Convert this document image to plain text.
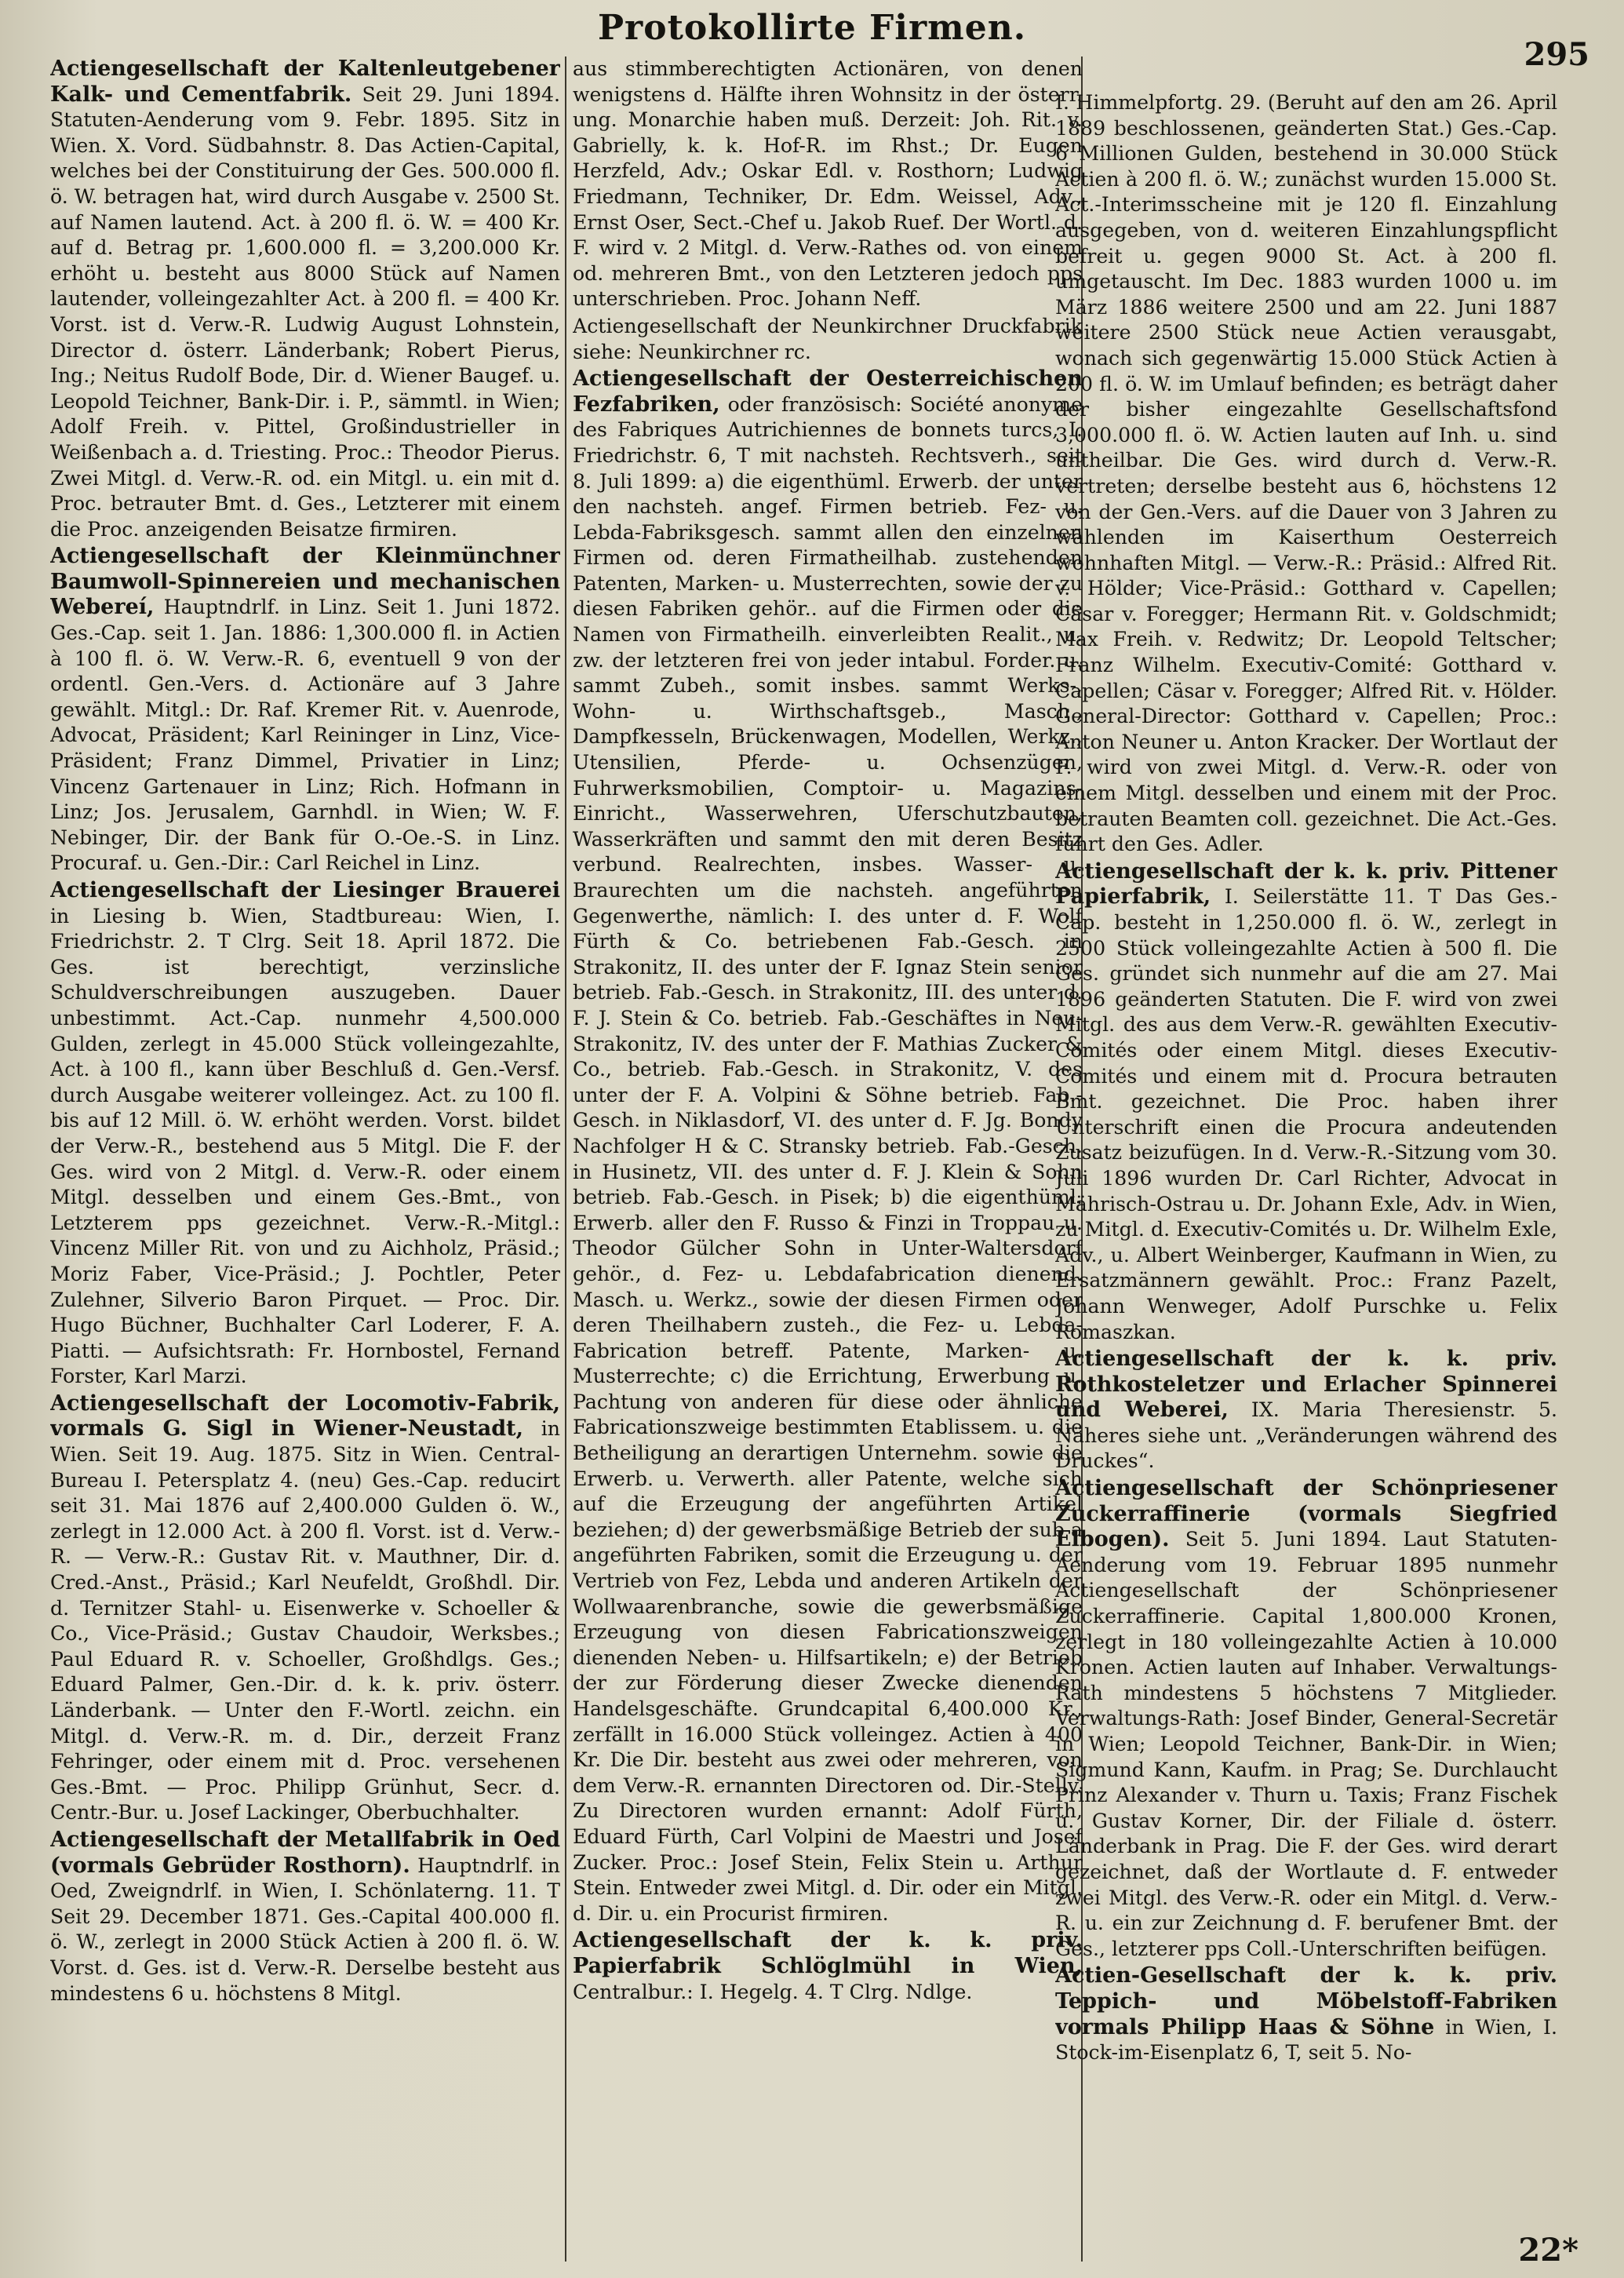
Protokollirte Firmen.
295

Actiengesellschaft der Kaltenleutgebener Kalk- und Cementfabrik. Seit 29. Juni 1894. Statuten-Aenderung vom 9. Febr. 1895. Sitz in Wien. X. Vord. Südbahnstr. 8. Das Actien-Capital, welches bei der Constituirung der Ges. 500.000 fl. ö. W. betragen hat, wird durch Ausgabe v. 2500 St. auf Namen lautend. Act. à 200 fl. ö. W. = 400 Kr. auf d. Betrag pr. 1,600.000 fl. = 3,200.000 Kr. erhöht u. besteht aus 8000 Stück auf Namen lautender, volleingezahlter Act. à 200 fl. = 400 Kr. Vorst. ist d. Verw.-R. Ludwig August Lohnstein, Director d. österr. Länderbank; Robert Pierus, Ing.; Neitus Rudolf Bode, Dir. d. Wiener Baugef. u. Leopold Teichner, Bank-Dir. i. P., sämmtl. in Wien; Adolf Freih. v. Pittel, Großindustrieller in Weißenbach a. d. Triesting. Proc.: Theodor Pierus. Zwei Mitgl. d. Verw.-R. od. ein Mitgl. u. ein mit d. Proc. betrauter Bmt. d. Ges., Letzterer mit einem die Proc. anzeigenden Beisatze firmiren.

Actiengesellschaft der Kleinmünchner Baumwoll-Spinnereien und mechanischen Webereí, Hauptndrlf. in Linz. Seit 1. Juni 1872. Ges.-Cap. seit 1. Jan. 1886: 1,300.000 fl. in Actien à 100 fl. ö. W. Verw.-R. 6, eventuell 9 von der ordentl. Gen.-Vers. d. Actionäre auf 3 Jahre gewählt. Mitgl.: Dr. Raf. Kremer Rit. v. Auenrode, Advocat, Präsident; Karl Reininger in Linz, Vice-Präsident; Franz Dimmel, Privatier in Linz; Vincenz Gartenauer in Linz; Rich. Hofmann in Linz; Jos. Jerusalem, Garnhdl. in Wien; W. F. Nebinger, Dir. der Bank für O.-Oe.-S. in Linz. Procuraf. u. Gen.-Dir.: Carl Reichel in Linz.

Actiengesellschaft der Liesinger Brauerei in Liesing b. Wien, Stadtbureau: Wien, I. Friedrichstr. 2. T Clrg. Seit 18. April 1872. Die Ges. ist berechtigt, verzinsliche Schuldverschreibungen auszugeben. Dauer unbestimmt. Act.-Cap. nunmehr 4,500.000 Gulden, zerlegt in 45.000 Stück volleingezahlte, Act. à 100 fl., kann über Beschluß d. Gen.-Versf. durch Ausgabe weiterer volleingez. Act. zu 100 fl. bis auf 12 Mill. ö. W. erhöht werden. Vorst. bildet der Verw.-R., bestehend aus 5 Mitgl. Die F. der Ges. wird von 2 Mitgl. d. Verw.-R. oder einem Mitgl. desselben und einem Ges.-Bmt., von Letzterem pps gezeichnet. Verw.-R.-Mitgl.: Vincenz Miller Rit. von und zu Aichholz, Präsid.; Moriz Faber, Vice-Präsid.; J. Pochtler, Peter Zulehner, Silverio Baron Pirquet. — Proc. Dir. Hugo Büchner, Buchhalter Carl Loderer, F. A. Piatti. — Aufsichtsrath: Fr. Hornbostel, Fernand Forster, Karl Marzi.

Actiengesellschaft der Locomotiv-Fabrik, vormals G. Sigl in Wiener-Neustadt, in Wien. Seit 19. Aug. 1875. Sitz in Wien. Central-Bureau I. Petersplatz 4. (neu) Ges.-Cap. reducirt seit 31. Mai 1876 auf 2,400.000 Gulden ö. W., zerlegt in 12.000 Act. à 200 fl. Vorst. ist d. Verw.-R. — Verw.-R.: Gustav Rit. v. Mauthner, Dir. d. Cred.-Anst., Präsid.; Karl Neufeldt, Großhdl. Dir. d. Ternitzer Stahl- u. Eisenwerke v. Schoeller & Co., Vice-Präsid.; Gustav Chaudoir, Werksbes.; Paul Eduard R. v. Schoeller, Großhdlgs. Ges.; Eduard Palmer, Gen.-Dir. d. k. k. priv. österr. Länderbank. — Unter den F.-Wortl. zeichn. ein Mitgl. d. Verw.-R. m. d. Dir., derzeit Franz Fehringer, oder einem mit d. Proc. versehenen Ges.-Bmt. — Proc. Philipp Grünhut, Secr. d. Centr.-Bur. u. Josef Lackinger, Oberbuchhalter.

Actiengesellschaft der Metallfabrik in Oed (vormals Gebrüder Rosthorn). Hauptndrlf. in Oed, Zweigndrlf. in Wien, I. Schönlaterng. 11. T Seit 29. December 1871. Ges.-Capital 400.000 fl. ö. W., zerlegt in 2000 Stück Actien à 200 fl. ö. W. Vorst. d. Ges. ist d. Verw.-R. Derselbe besteht aus mindestens 6 u. höchstens 8 Mitgl.

aus stimmberechtigten Actionären, von denen wenigstens d. Hälfte ihren Wohnsitz in der österr. ung. Monarchie haben muß. Derzeit: Joh. Rit. v. Gabrielly, k. k. Hof-R. im Rhst.; Dr. Eugen Herzfeld, Adv.; Oskar Edl. v. Rosthorn; Ludwig Friedmann, Techniker, Dr. Edm. Weissel, Adv., Ernst Oser, Sect.-Chef u. Jakob Ruef. Der Wortl. d. F. wird v. 2 Mitgl. d. Verw.-Rathes od. von einem od. mehreren Bmt., von den Letzteren jedoch pps unterschrieben. Proc. Johann Neff.

Actiengesellschaft der Neunkirchner Druckfabrik siehe: Neunkirchner rc.

Actiengesellschaft der Oesterreichischen Fezfabriken, oder französisch: Société anonyme des Fabriques Autrichiennes de bonnets turcs, I. Friedrichstr. 6, T mit nachsteh. Rechtsverh., seit 8. Juli 1899: a) die eigenthüml. Erwerb. der unter den nachsteh. angef. Firmen betrieb. Fez- u. Lebda-Fabriksgesch. sammt allen den einzelnen Firmen od. deren Firmatheilhab. zustehenden Patenten, Marken- u. Musterrechten, sowie der zu diesen Fabriken gehör.. auf die Firmen oder die Namen von Firmatheilh. einverleibten Realit., u. zw. der letzteren frei von jeder intabul. Forder. u. sammt Zubeh., somit insbes. sammt Werks-, Wohn- u. Wirthschaftsgeb., Masch., Dampfkesseln, Brückenwagen, Modellen, Werkz., Utensilien, Pferde- u. Ochsenzügen, Fuhrwerksmobilien, Comptoir- u. Magazins-Einricht., Wasserwehren, Uferschutzbauten, Wasserkräften und sammt den mit deren Besitz verbund. Realrechten, insbes. Wasser- u. Braurechten um die nachsteh. angeführten Gegenwerthe, nämlich: I. des unter d. F. Wolf Fürth & Co. betriebenen Fab.-Gesch. in Strakonitz, II. des unter der F. Ignaz Stein senior betrieb. Fab.-Gesch. in Strakonitz, III. des unter d. F. J. Stein & Co. betrieb. Fab.-Geschäftes in Neu-Strakonitz, IV. des unter der F. Mathias Zucker & Co., betrieb. Fab.-Gesch. in Strakonitz, V. des unter der F. A. Volpini & Söhne betrieb. Fab.-Gesch. in Niklasdorf, VI. des unter d. F. Jg. Bondy Nachfolger H & C. Stransky betrieb. Fab.-Gesch. in Husinetz, VII. des unter d. F. J. Klein & Sohn betrieb. Fab.-Gesch. in Pisek; b) die eigenthüml. Erwerb. aller den F. Russo & Finzi in Troppau u. Theodor Gülcher Sohn in Unter-Waltersdorf gehör., d. Fez- u. Lebdafabrication dienend. Masch. u. Werkz., sowie der diesen Firmen oder deren Theilhabern zusteh., die Fez- u. Lebda-Fabrication betreff. Patente, Marken- u. Musterrechte; c) die Errichtung, Erwerbung u. Pachtung von anderen für diese oder ähnliche Fabricationszweige bestimmten Etablissem. u. die Betheiligung an derartigen Unternehm. sowie die Erwerb. u. Verwerth. aller Patente, welche sich auf die Erzeugung der angeführten Artikel beziehen; d) der gewerbsmäßige Betrieb der sub a angeführten Fabriken, somit die Erzeugung u. der Vertrieb von Fez, Lebda und anderen Artikeln der Wollwaarenbranche, sowie die gewerbsmäßige Erzeugung von diesen Fabricationszweigen dienenden Neben- u. Hilfsartikeln; e) der Betrieb der zur Förderung dieser Zwecke dienenden Handelsgeschäfte. Grundcapital 6,400.000 Kr., zerfällt in 16.000 Stück volleingez. Actien à 400 Kr. Die Dir. besteht aus zwei oder mehreren, von dem Verw.-R. ernannten Directoren od. Dir.-Stellv. Zu Directoren wurden ernannt: Adolf Fürth, Eduard Fürth, Carl Volpini de Maestri und Josef Zucker. Proc.: Josef Stein, Felix Stein u. Arthur Stein. Entweder zwei Mitgl. d. Dir. oder ein Mitgl. d. Dir. u. ein Procurist firmiren.

Actiengesellschaft der k. k. priv. Papierfabrik Schlöglmühl in Wien, Centralbur.: I. Hegelg. 4. T Clrg. Ndlge.

I. Himmelpfortg. 29. (Beruht auf den am 26. April 1889 beschlossenen, geänderten Stat.) Ges.-Cap. 6 Millionen Gulden, bestehend in 30.000 Stück Actien à 200 fl. ö. W.; zunächst wurden 15.000 St. Act.-Interimsscheine mit je 120 fl. Einzahlung ausgegeben, von d. weiteren Einzahlungspflicht befreit u. gegen 9000 St. Act. à 200 fl. umgetauscht. Im Dec. 1883 wurden 1000 u. im März 1886 weitere 2500 und am 22. Juni 1887 weitere 2500 Stück neue Actien verausgabt, wonach sich gegenwärtig 15.000 Stück Actien à 200 fl. ö. W. im Umlauf befinden; es beträgt daher der bisher eingezahlte Gesellschaftsfond 3,000.000 fl. ö. W. Actien lauten auf Inh. u. sind untheilbar. Die Ges. wird durch d. Verw.-R. vertreten; derselbe besteht aus 6, höchstens 12 von der Gen.-Vers. auf die Dauer von 3 Jahren zu wählenden im Kaiserthum Oesterreich wohnhaften Mitgl. — Verw.-R.: Präsid.: Alfred Rit. v. Hölder; Vice-Präsid.: Gotthard v. Capellen; Cäsar v. Foregger; Hermann Rit. v. Goldschmidt; Max Freih. v. Redwitz; Dr. Leopold Teltscher; Franz Wilhelm. Executiv-Comité: Gotthard v. Capellen; Cäsar v. Foregger; Alfred Rit. v. Hölder. General-Director: Gotthard v. Capellen; Proc.: Anton Neuner u. Anton Kracker. Der Wortlaut der F. wird von zwei Mitgl. d. Verw.-R. oder von einem Mitgl. desselben und einem mit der Proc. betrauten Beamten coll. gezeichnet. Die Act.-Ges. führt den Ges. Adler.

Actiengesellschaft der k. k. priv. Pittener Papierfabrik, I. Seilerstätte 11. T Das Ges.-Cap. besteht in 1,250.000 fl. ö. W., zerlegt in 2500 Stück volleingezahlte Actien à 500 fl. Die Ges. gründet sich nunmehr auf die am 27. Mai 1896 geänderten Statuten. Die F. wird von zwei Mitgl. des aus dem Verw.-R. gewählten Executiv-Comités oder einem Mitgl. dieses Executiv-Comités und einem mit d. Procura betrauten Bmt. gezeichnet. Die Proc. haben ihrer Unterschrift einen die Procura andeutenden Zusatz beizufügen. In d. Verw.-R.-Sitzung vom 30. Juli 1896 wurden Dr. Carl Richter, Advocat in Mährisch-Ostrau u. Dr. Johann Exle, Adv. in Wien, zu Mitgl. d. Executiv-Comités u. Dr. Wilhelm Exle, Adv., u. Albert Weinberger, Kaufmann in Wien, zu Ersatzmännern gewählt. Proc.: Franz Pazelt, Johann Wenweger, Adolf Purschke u. Felix Romaszkan.

Actiengesellschaft der k. k. priv. Rothkosteletzer und Erlacher Spinnerei und Weberei, IX. Maria Theresienstr. 5. Näheres siehe unt. „Veränderungen während des Druckes“.

Actiengesellschaft der Schönpriesener Zuckerraffinerie (vormals Siegfried Elbogen). Seit 5. Juni 1894. Laut Statuten-Aenderung vom 19. Februar 1895 nunmehr Actiengesellschaft der Schönpriesener Zuckerraffinerie. Capital 1,800.000 Kronen, zerlegt in 180 volleingezahlte Actien à 10.000 Kronen. Actien lauten auf Inhaber. Verwaltungs-Rath mindestens 5 höchstens 7 Mitglieder. Verwaltungs-Rath: Josef Binder, General-Secretär in Wien; Leopold Teichner, Bank-Dir. in Wien; Sigmund Kann, Kaufm. in Prag; Se. Durchlaucht Prinz Alexander v. Thurn u. Taxis; Franz Fischek u. Gustav Korner, Dir. der Filiale d. österr. Länderbank in Prag. Die F. der Ges. wird derart gezeichnet, daß der Wortlaute d. F. entweder zwei Mitgl. des Verw.-R. oder ein Mitgl. d. Verw.-R. u. ein zur Zeichnung d. F. berufener Bmt. der Ges., letzterer pps Coll.-Unterschriften beifügen.

Actien-Gesellschaft der k. k. priv. Teppich- und Möbelstoff-Fabriken vormals Philipp Haas & Söhne in Wien, I. Stock-im-Eisenplatz 6, T, seit 5. No-

22*
